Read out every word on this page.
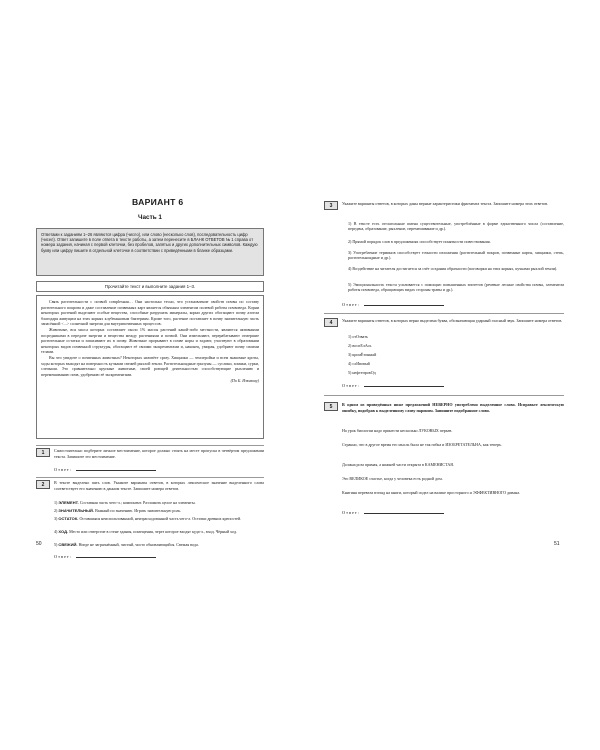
ВАРИАНТ 6
Часть 1
Ответами к заданиям 1–26 являются цифра (число), или слово (несколько слов), последовательность цифр (чисел). Ответ запишите в поле ответа в тексте работы, а затем перенесите в БЛАНК ОТВЕТОВ № 1 справа от номера задания, начиная с первой клеточки, без пробелов, запятых и других дополнительных символов. Каждую букву или цифру пишите в отдельной клеточке в соответствии с приведёнными в бланке образцами.
Прочитайте текст и выполните задания 1–3.

Связь растительности с почвой complexная… Они настолько тесно, что установление свойств почвы по составу растительного покрова и даже составление почвенных карт является обычным элементом полевой работы почвоведа. Корни некоторых растений выделяют особые вещества, способные разрушать минералы, корни других обогащают почву азотом благодаря живущим на этих корнях клубеньковым бактериям. Кроме того, растение поставляет в почву значительную часть запасённой <...> солнечной энергии для внутрипочвенных процессов.

Животные, вся масса которых составляет около 1% массы растений какой-либо местности, являются активными посредниками в передаче энергии и вещества между растениями и почвой. Они измельчают, перерабатывают отмершие растительные остатки и запахивают их в почву. Животные прорывают в почве норы и задают, участвуют в образовании некоторых видов почвенной структуры, обогащают её своими экскрементами и, наконец, умирая, удобряют почву своими телами.

Вы что увидите о почвенных животных? Некоторых назовёте сразу. Хищники — землеройки и всем знакомые кроты, ходы которых выходят на поверхность кучками свежей рыхлой земли. Растительноядные грызуны — суслики, хомяки, сурки, слепыши. Это сравнительно крупные животные, своей роющей деятельностью способствующие рыхлению и перемешиванию почв, удобрению её экскрементами.

(По Б. Изюмову)
1	Самостоятельно подберите личное местоимение, которое должно стоять на месте пропуска в четвёртом предложении текста. Запишите это местоимение.
Ответ:
2	В тексте выделено пять слов. Укажите варианты ответов, в которых лексическое значение выделенного слова соответствует его значению в данном тексте. Запишите номера ответов.
1) ЭЛЕМЕНТ. Составная часть чего-л.; компонент. Разложить целое на элементы.
2) ЗНАЧИТЕЛЬНЫЙ. Важный по значению. Играть значительную роль.
3) ОСТАТОК. Оставшаяся неиспользованной, неизрасходованной часть чего-л. Остатки древних крепостей.
4) ХОД. Место или отверстие в стене здания, помещения, через которое входят куда-л., вход. Чёрный ход.
5) СВЕЖИЙ. Нигде не загрязнённый, чистый, чисто обновляющийся. Свежая вода.
Ответ:
50
3	Укажите варианты ответов, в которых даны верные характеристики фрагмента текста. Запишите номера этих ответов.
1) В тексте есть отглагольные имена существительные, употреблённые в форме единственного числа (составление, передача, образование, рыхление, перемешивание и др.).
2) Прямой порядок слов в предложениях способствует понятности повествования.
3) Употребление терминов способствует точности изложения (растительный покров, почвенные карты, хищники, степь, растительноядные и др.).
4) Воздействие на читателя достигается за счёт создания образности (поговорки на этих корнях, кучками рыхлой земли).
5) Эмоциональность текста усиливается с помощью повышенных эпитетов (речевые лесные свойства почвы, элементом работы почвоведа, обращающих видах стороны травы и др.).
Ответ:
4	Укажите варианты ответов, в которых верно выделена буква, обозначающая ударный гласный звук. Запишите номера ответов.
1) отОзвать
2) воспЕлАсь
3) кромЁтонный
4) слИвовый
5) нефтепровОд
Ответ:
5	В одном из приведённых ниже предложений НЕВЕРНО употреблено выделенное слово. Исправьте лексическую ошибку, подобрав к выделенному слову пароним. Запишите подобранное слово.
На урок биологии надо принести несколько ЛУКОВЫХ перьев.
Странно, что в другое время его мысль была не так гибка и ИЗОБРЕТАТЕЛЬНА, как теперь.
Должна роза прямая, а нижней части открыта в КАМЕНИСТАЯ.
Это ВЕЛИКОЕ счастье, когда у человека есть родной дом.
Книгиня перевела взгляд на книги, который сидел на валике просторного и ЭФФЕКТИВНОГО дивана.
Ответ:
51
